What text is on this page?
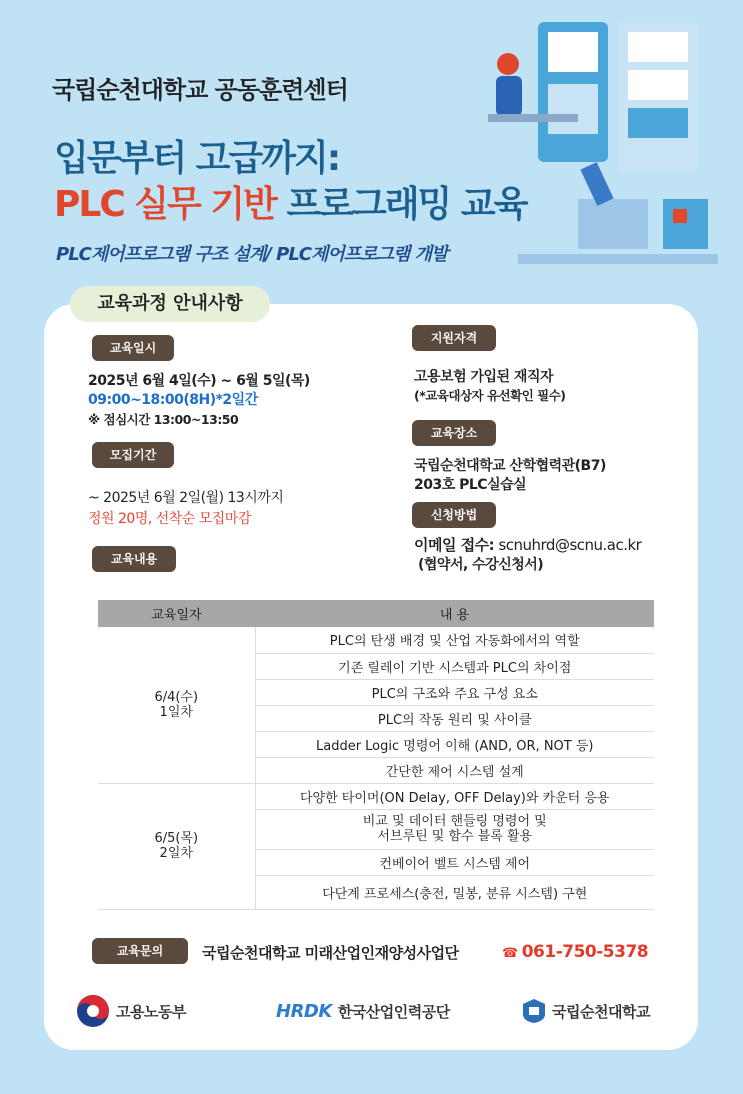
국립순천대학교 공동훈련센터
입문부터 고급까지:
PLC 실무 기반 프로그래밍 교육
PLC제어프로그램 구조 설계/ PLC제어프로그램 개발
교육과정 안내사항
교육일시
2025년 6월 4일(수) ~ 6월 5일(목)
09:00~18:00(8H)*2일간
※ 점심시간 13:00~13:50
모집기간
~ 2025년 6월 2일(월) 13시까지
정원 20명, 선착순 모집마감
교육내용
지원자격
고용보험 가입된 재직자
(*교육대상자 유선확인 필수)
교육장소
국립순천대학교 산학협력관(B7)
203호 PLC실습실
신청방법
이메일 접수: scnuhrd@scnu.ac.kr
(협약서, 수강신청서)
교육일자	내 용

6/4(수)
1일차	PLC의 탄생 배경 및 산업 자동화에서의 역할
	기존 릴레이 기반 시스템과 PLC의 차이점
	PLC의 구조와 주요 구성 요소
	PLC의 작동 원리 및 사이클
	Ladder Logic 명령어 이해 (AND, OR, NOT 등)
	간단한 제어 시스템 설계

6/5(목)
2일차	다양한 타이머(ON Delay, OFF Delay)와 카운터 응용

	비교 및 데이터 핸들링 명령어 및
서브루틴 및 함수 블록 활용

	컨베이어 벨트 시스템 제어
	다단계 프로세스(충전, 밀봉, 분류 시스템) 구현
교육문의	국립순천대학교 미래산업인재양성사업단	☎ 061-750-5378
고용노동부	HRDK 한국산업인력공단	국립순천대학교
